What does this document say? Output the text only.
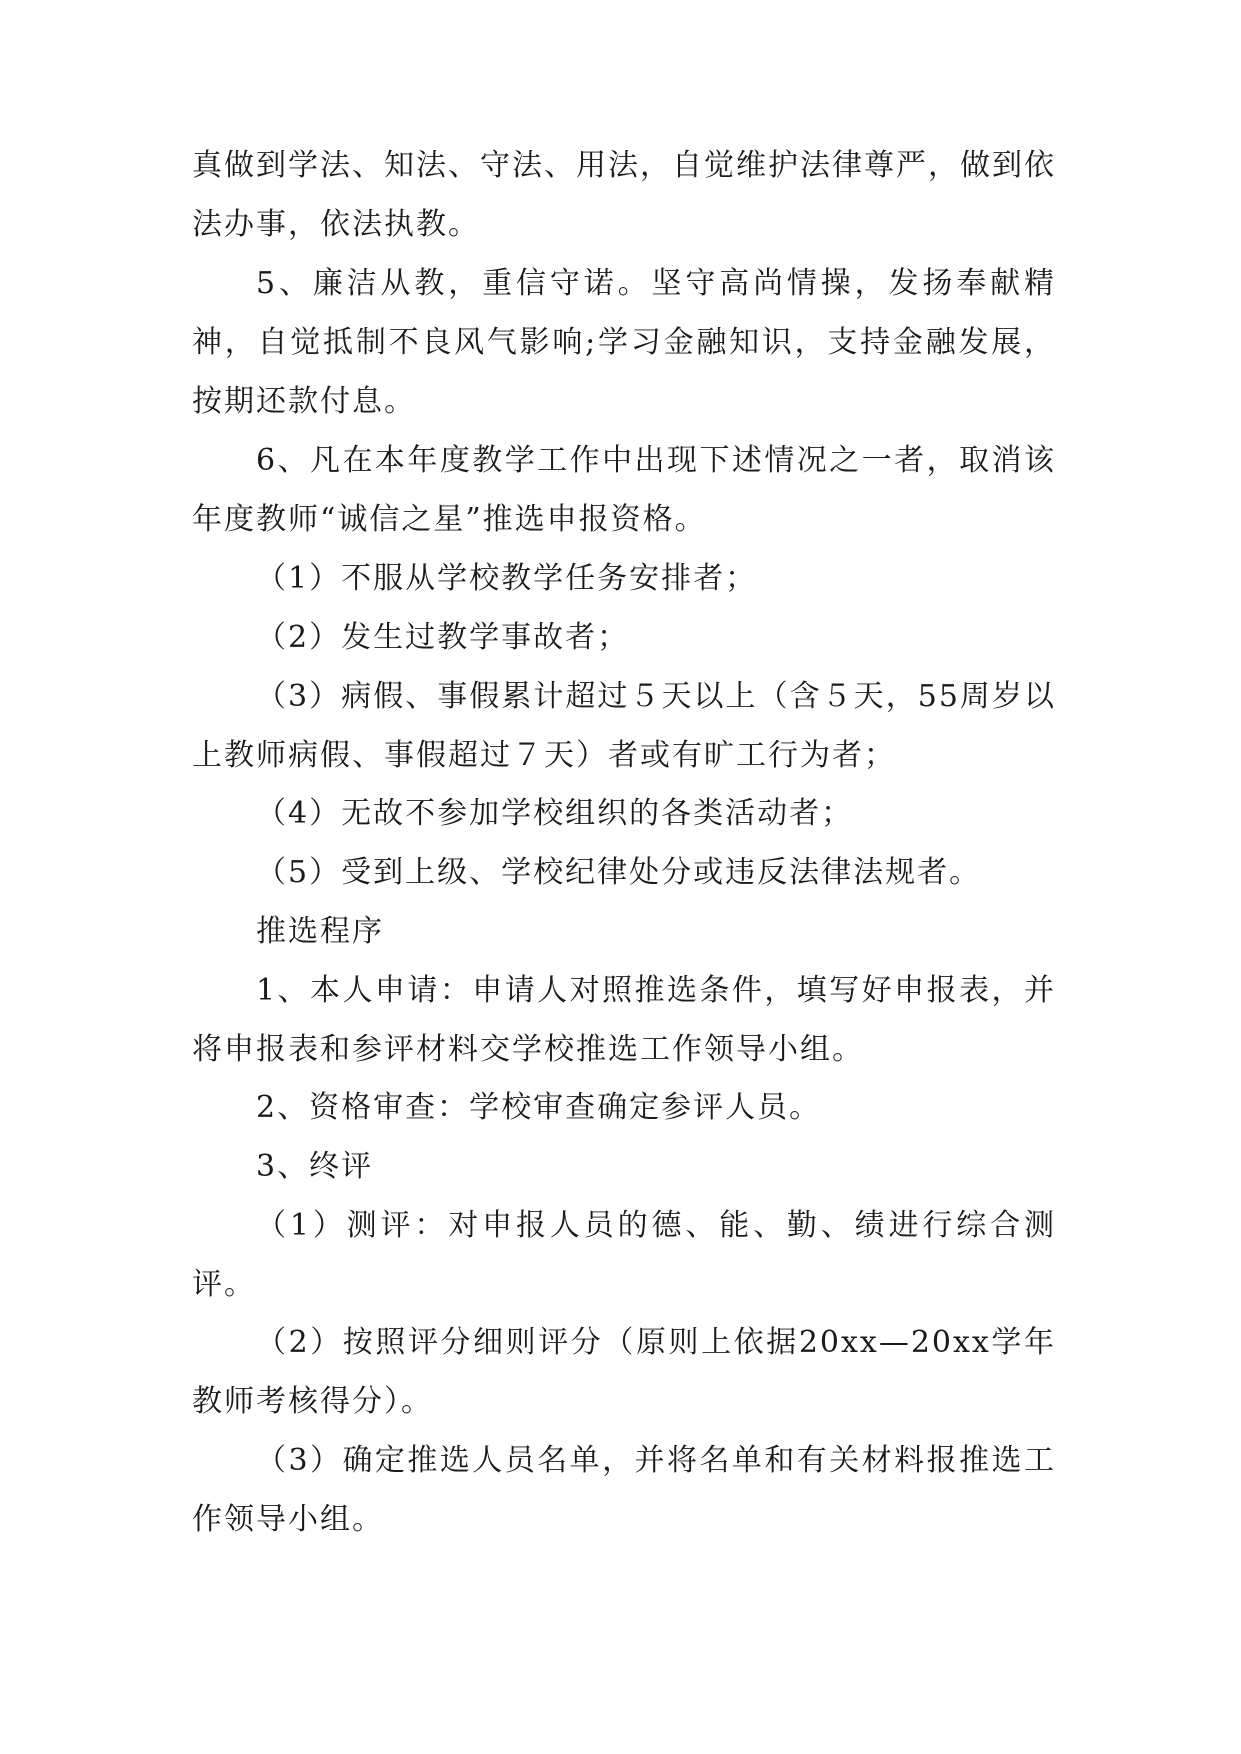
真做到学法、知法、守法、用法，自觉维护法律尊严，做到依法办事，依法执教。

5、廉洁从教，重信守诺。坚守高尚情操，发扬奉献精神，自觉抵制不良风气影响;学习金融知识，支持金融发展，按期还款付息。

6、凡在本年度教学工作中出现下述情况之一者，取消该年度教师“诚信之星”推选申报资格。

（1）不服从学校教学任务安排者；

（2）发生过教学事故者；

（3）病假、事假累计超过５天以上（含５天，55周岁以上教师病假、事假超过７天）者或有旷工行为者；

（4）无故不参加学校组织的各类活动者；

（5）受到上级、学校纪律处分或违反法律法规者。

推选程序

1、本人申请：申请人对照推选条件，填写好申报表，并将申报表和参评材料交学校推选工作领导小组。

2、资格审查：学校审查确定参评人员。

3、终评

（1）测评：对申报人员的德、能、勤、绩进行综合测评。

（2）按照评分细则评分（原则上依据20xx—20xx学年教师考核得分）。

（3）确定推选人员名单，并将名单和有关材料报推选工作领导小组。
